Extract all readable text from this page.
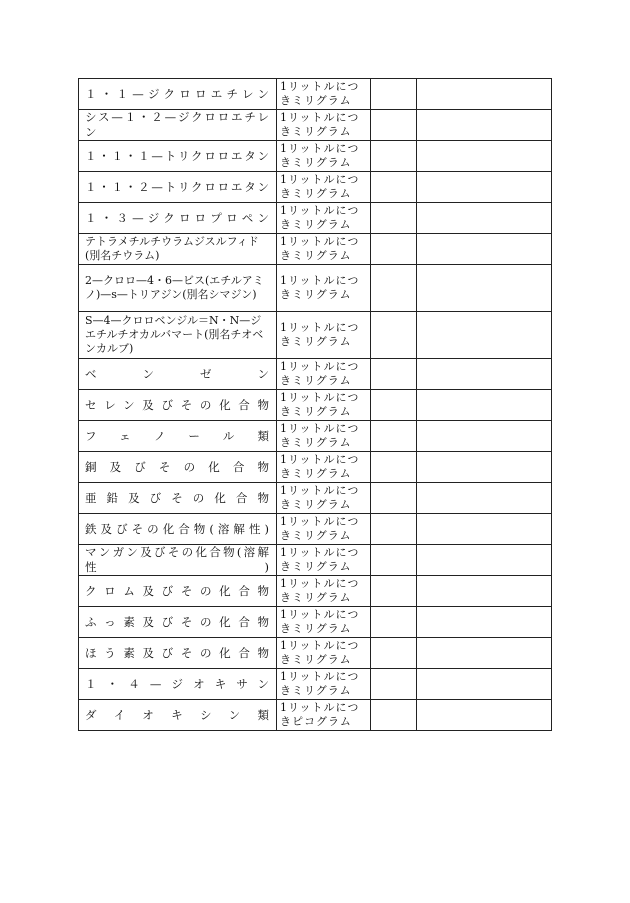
１・１—ジクロロエチレン	1リットルにつきミリグラム		
シス—１・２—ジクロロエチレン	1リットルにつきミリグラム		
１・１・１—トリクロロエタン	1リットルにつきミリグラム		
１・１・２—トリクロロエタン	1リットルにつきミリグラム		
１・３—ジクロロプロペン	1リットルにつきミリグラム		
テトラメチルチウラムジスルフィド(別名チウラム)	1リットルにつきミリグラム		
2—クロロ—4・6—ビス(エチルアミノ)—s—トリアジン(別名シマジン)	1リットルにつきミリグラム		
S—4—クロロベンジル＝N・N—ジエチルチオカルバマート(別名チオベンカルブ)	1リットルにつきミリグラム		
ベンゼン	1リットルにつきミリグラム		
セレン及びその化合物	1リットルにつきミリグラム		
フェノール類	1リットルにつきミリグラム		
銅及びその化合物	1リットルにつきミリグラム		
亜鉛及びその化合物	1リットルにつきミリグラム		
鉄及びその化合物(溶解性)	1リットルにつきミリグラム		
マンガン及びその化合物(溶解性)	1リットルにつきミリグラム		
クロム及びその化合物	1リットルにつきミリグラム		
ふっ素及びその化合物	1リットルにつきミリグラム		
ほう素及びその化合物	1リットルにつきミリグラム		
１・４—ジオキサン	1リットルにつきミリグラム		
ダイオキシン類	1リットルにつきピコグラム		
